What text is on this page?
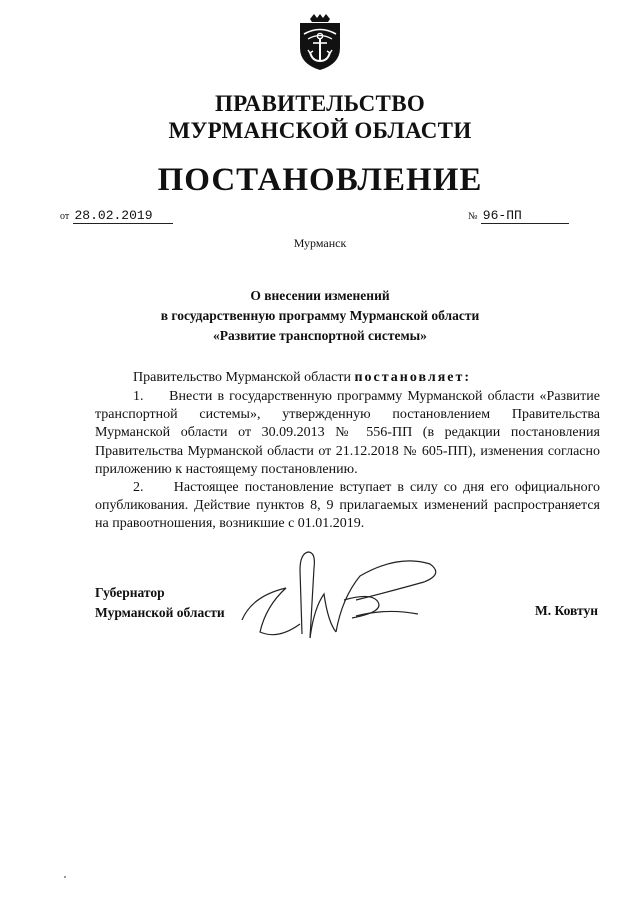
ПРАВИТЕЛЬСТВО
МУРМАНСКОЙ ОБЛАСТИ
ПОСТАНОВЛЕНИЕ
от 28.02.2019	№ 96-ПП
Мурманск
О внесении изменений
в государственную программу Мурманской области
«Развитие транспортной системы»
Правительство Мурманской области постановляет:

1.     Внести в государственную программу Мурманской области «Развитие транспортной системы», утвержденную постановлением Правительства Мурманской области от 30.09.2013 № 556-ПП (в редакции постановления Правительства Мурманской области от 21.12.2018 № 605-ПП), изменения согласно приложению к настоящему постановлению.

2.     Настоящее постановление вступает в силу со дня его официального опубликования. Действие пунктов 8, 9 прилагаемых изменений распространяется на правоотношения, возникшие с 01.01.2019.

Губернатор
Мурманской области	М. Ковтун
